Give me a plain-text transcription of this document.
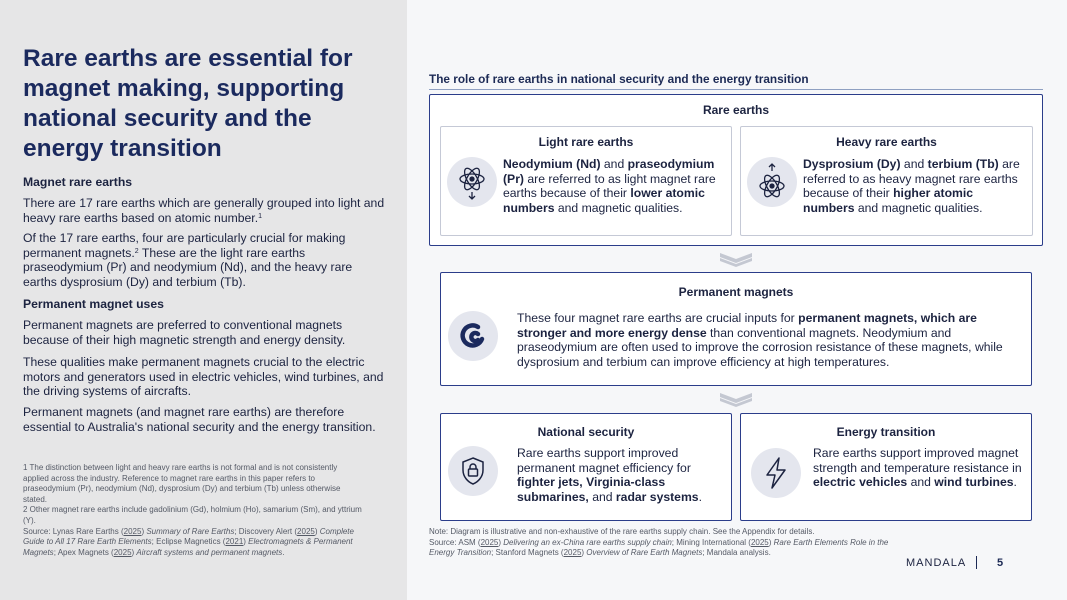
Rare earths are essential for magnet making, supporting national security and the energy transition
Magnet rare earths

There are 17 rare earths which are generally grouped into light and heavy rare earths based on atomic number.$^1$

Of the 17 rare earths, four are particularly crucial for making permanent magnets.$^2$ These are the light rare earths praseodymium (Pr) and neodymium (Nd), and the heavy rare earths dysprosium (Dy) and terbium (Tb).

Permanent magnet uses

Permanent magnets are preferred to conventional magnets because of their high magnetic strength and energy density.

These qualities make permanent magnets crucial to the electric motors and generators used in electric vehicles, wind turbines, and the driving systems of aircrafts.

Permanent magnets (and magnet rare earths) are therefore essential to Australia's national security and the energy transition.

1 The distinction between light and heavy rare earths is not formal and is not consistently applied across the industry. Reference to magnet rare earths in this paper refers to praseodymium (Pr), neodymium (Nd), dysprosium (Dy) and terbium (Tb) unless otherwise stated.
2 Other magnet rare earths include gadolinium (Gd), holmium (Ho), samarium (Sm), and yttrium (Y).
Source: Lynas Rare Earths (2025) Summary of Rare Earths; Discovery Alert (2025) Complete Guide to All 17 Rare Earth Elements; Eclipse Magnetics (2021) Electromagnets & Permanent Magnets; Apex Magnets (2025) Aircraft systems and permanent magnets.
The role of rare earths in national security and the energy transition
Rare earths
Light rare earths
Neodymium (Nd) and praseodymium (Pr) are referred to as light magnet rare earths because of their lower atomic numbers and magnetic qualities.
Heavy rare earths
Dysprosium (Dy) and terbium (Tb) are referred to as heavy magnet rare earths because of their higher atomic numbers and magnetic qualities.
Permanent magnets
These four magnet rare earths are crucial inputs for permanent magnets, which are stronger and more energy dense than conventional magnets. Neodymium and praseodymium are often used to improve the corrosion resistance of these magnets, while dysprosium and terbium can improve efficiency at high temperatures.
National security
Rare earths support improved permanent magnet efficiency for fighter jets, Virginia-class submarines, and radar systems.
Energy transition
Rare earths support improved magnet strength and temperature resistance in electric vehicles and wind turbines.
Note: Diagram is illustrative and non-exhaustive of the rare earths supply chain. See the Appendix for details.
Source: ASM (2025) Delivering an ex-China rare earths supply chain; Mining International (2025) Rare Earth Elements Role in the Energy Transition; Stanford Magnets (2025) Overview of Rare Earth Magnets; Mandala analysis.
MANDALA	5
